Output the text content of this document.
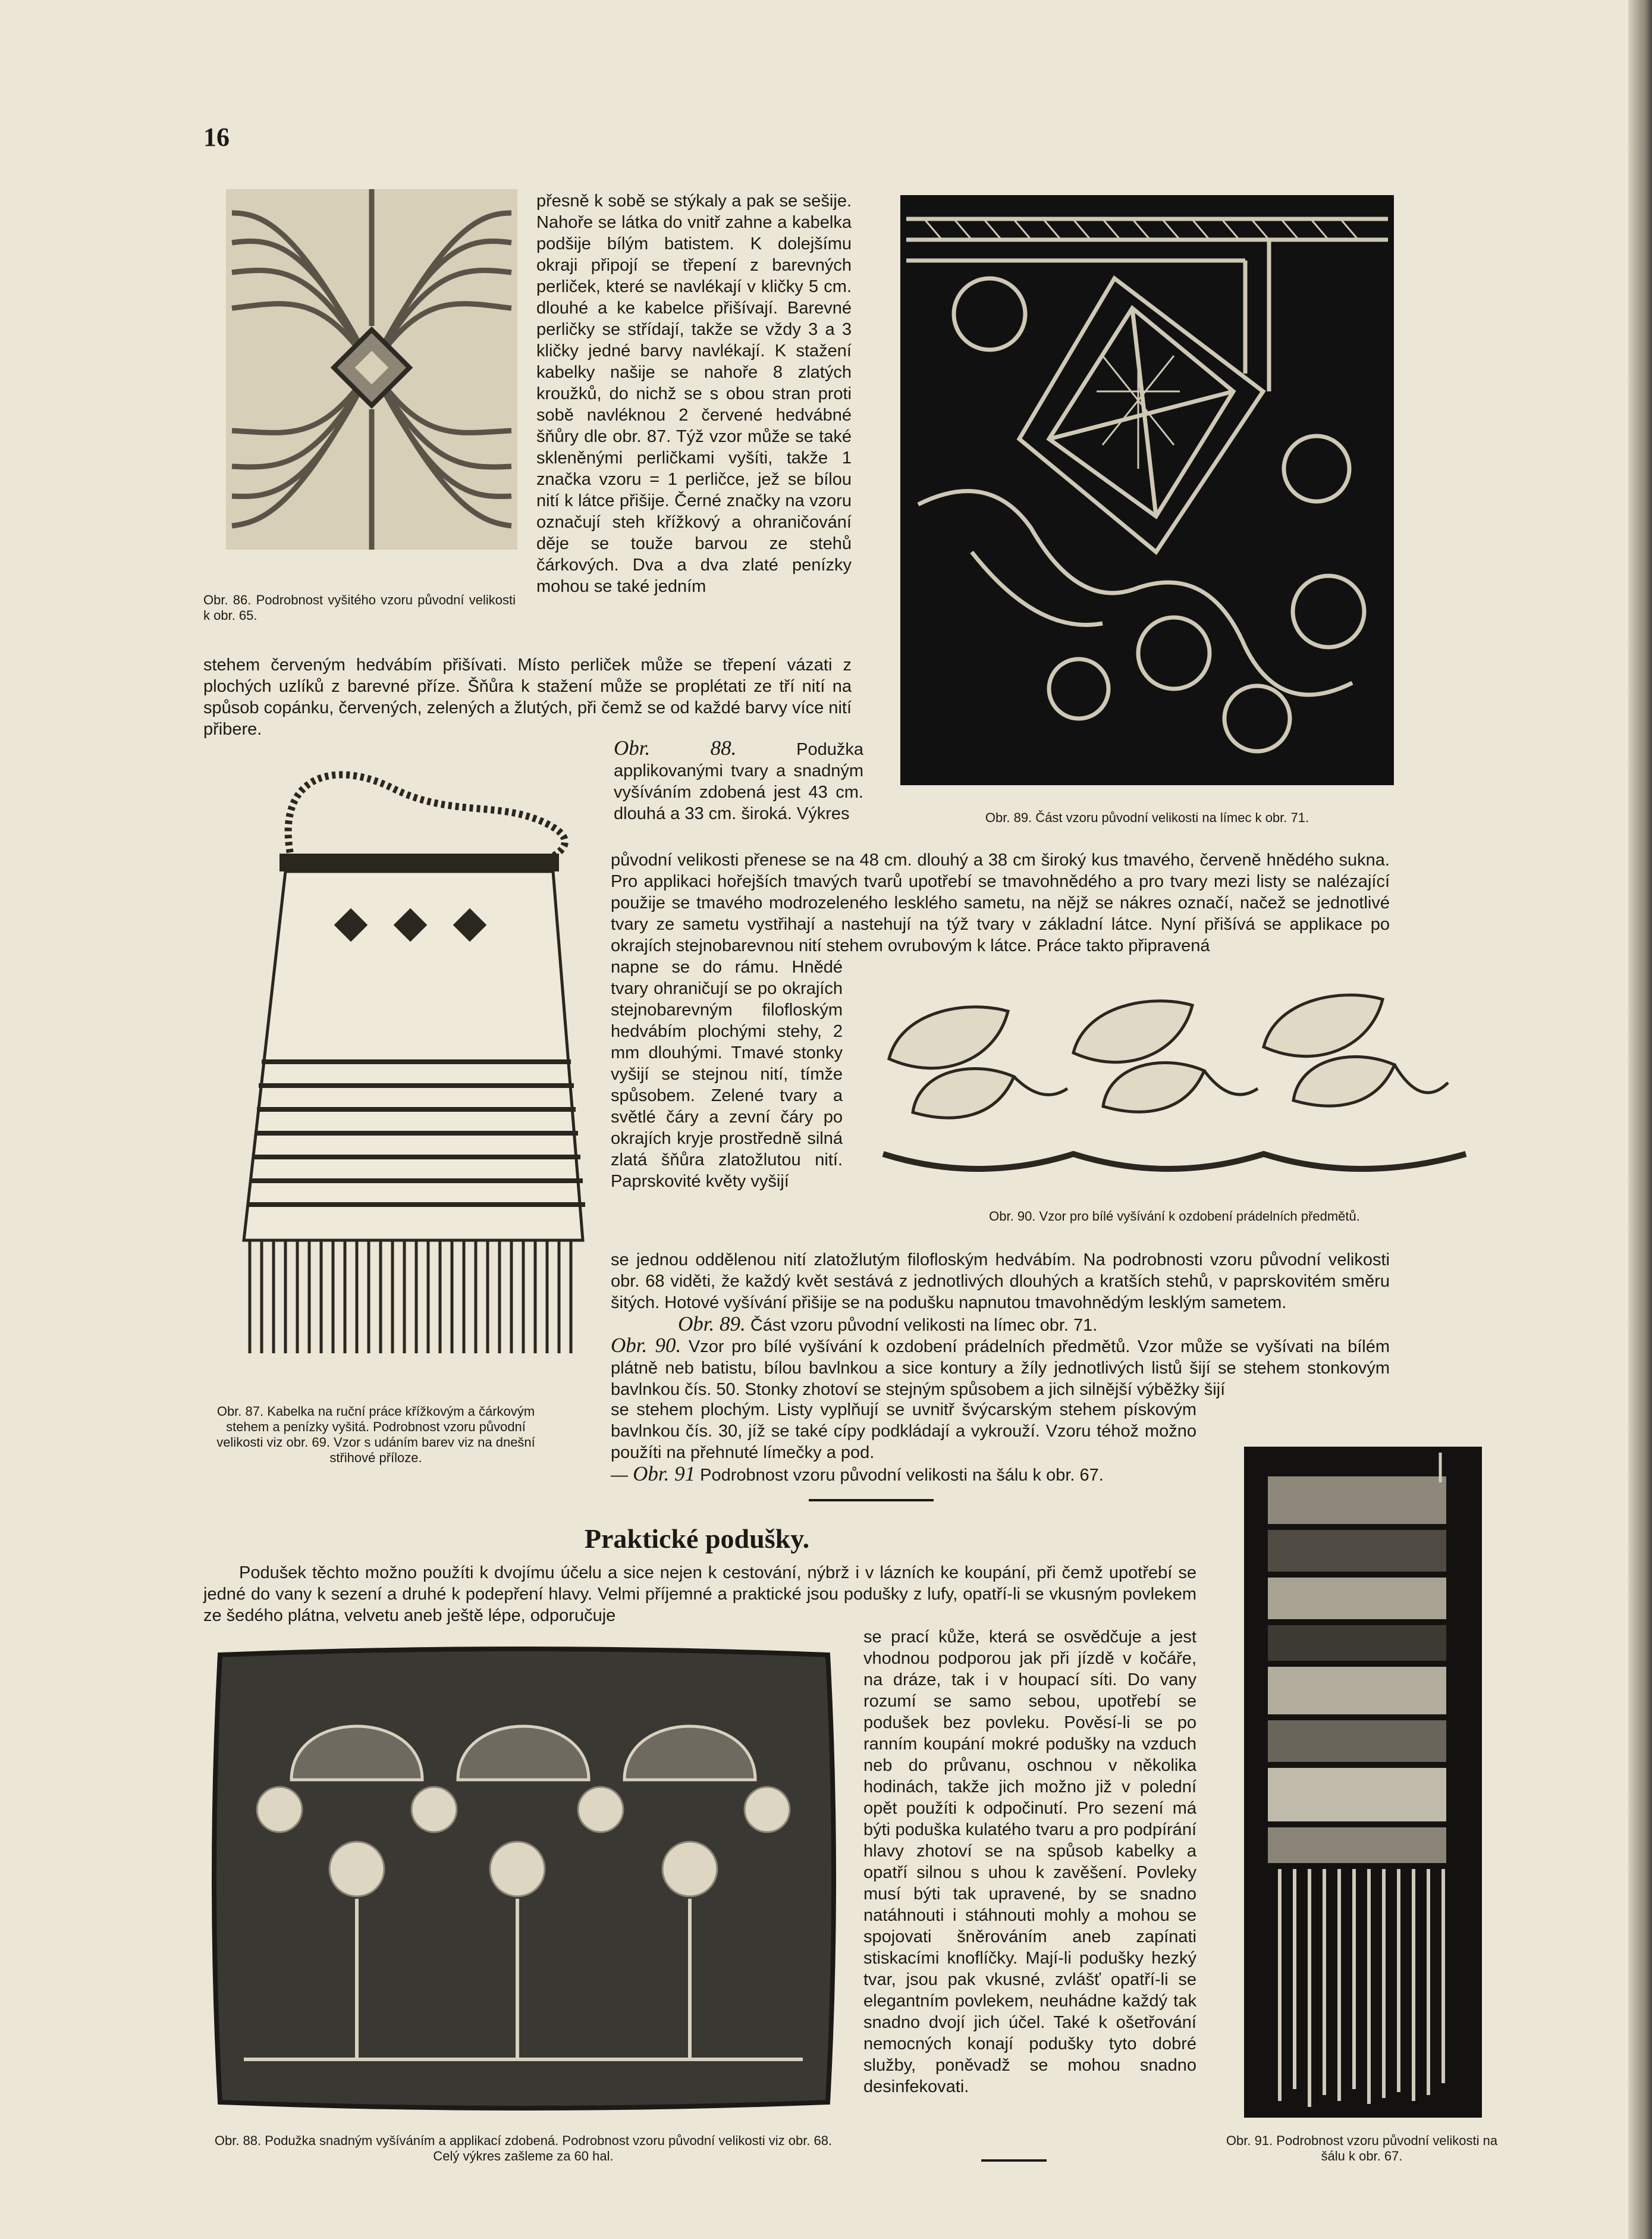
16
Obr. 86. Podrobnost vyšitého vzoru původní velikosti k obr. 65.
přesně k sobě se stýkaly a pak se sešije. Nahoře se látka do vnitř zahne a kabelka podšije bílým batistem. K dolejšímu okraji připojí se třepení z barevných perliček, které se navlékají v kličky 5 cm. dlouhé a ke kabelce přišívají. Barevné perličky se střídají, takže se vždy 3 a 3 kličky jedné barvy navlékají. K stažení kabelky našije se nahoře 8 zlatých kroužků, do nichž se s obou stran proti sobě navléknou 2 červené hedvábné šňůry dle obr. 87. Týž vzor může se také skleněnými perličkami vyšíti, takže 1 značka vzoru = 1 perličce, jež se bílou nití k látce přišije. Černé značky na vzoru označují steh křížkový a ohraničování děje se touže barvou ze stehů čárkových. Dva a dva zlaté penízky mohou se také jedním
stehem červeným hedvábím přišívati. Místo perliček může se třepení vázati z plochých uzlíků z barevné příze. Šňůra k stažení může se proplétati ze tří nití na spůsob copánku, červených, zelených a žlutých, při čemž se od každé barvy více nití přibere.
Obr. 89. Část vzoru původní velikosti na límec k obr. 71.
Obr. 87. Kabelka na ruční práce křížkovým a čárkovým stehem a penízky vyšitá. Podrobnost vzoru původní velikosti viz obr. 69. Vzor s udáním barev viz na dnešní střihové příloze.
Obr. 88.	Podužka applikovanými tvary a snadným vyšíváním zdobená jest 43 cm. dlouhá a 33 cm. široká. Výkres
původní velikosti přenese se na 48 cm. dlouhý a 38 cm široký kus tmavého, červeně hnědého sukna. Pro applikaci hořejších tmavých tvarů upotřebí se tmavohnědého a pro tvary mezi listy se nalézající použije se tmavého modrozeleného lesklého sametu, na nějž se nákres označí, načež se jednotlivé tvary ze sametu vystřihají a nastehují na týž tvary v základní látce. Nyní přišívá se applikace po okrajích stejnobarevnou nití stehem ovrubovým k látce. Práce takto připravená
napne se do rámu. Hnědé tvary ohraničují se po okrajích stejnobarevným filofloským hedvábím plochými stehy, 2 mm dlouhými. Tmavé stonky vyšijí se stejnou nití, tímže spůsobem. Zelené tvary a světlé čáry a zevní čáry po okrajích kryje prostředně silná zlatá šňůra zlatožlutou nití. Paprskovité květy vyšijí
se jednou oddělenou nití zlatožlutým filofloským hedvábím. Na podrobnosti vzoru původní velikosti obr. 68 viděti, že každý květ sestává z jednotlivých dlouhých a kratších stehů, v paprskovitém směru šitých. Hotové vyšívání přišije se na podušku napnutou tmavohnědým lesklým sametem.
Obr. 90. Vzor pro bílé vyšívání k ozdobení prádelních předmětů.
Obr. 89. Část vzoru původní velikosti na límec obr. 71.
Obr. 90. Vzor pro bílé vyšívání k ozdobení prádelních předmětů. Vzor může se vyšívati na bílém plátně neb batistu, bílou bavlnkou a sice kontury a žíly jednotlivých listů šijí se stehem stonkovým bavlnkou čís. 50. Stonky zhotoví se stejným spůsobem a jich silnější výběžky šijí
se stehem plochým. Listy vyplňují se uvnitř švýcarským stehem pískovým bavlnkou čís. 30, jíž se také cípy podkládají a vykrouží. Vzoru téhož možno použíti na přehnuté límečky a pod.
— Obr. 91 Podrobnost vzoru původní velikosti na šálu k obr. 67.
Praktické podušky.
Podušek těchto možno použíti k dvojímu účelu a sice nejen k cestování, nýbrž i v lázních ke koupání, při čemž upotřebí se jedné do vany k sezení a druhé k podepření hlavy. Velmi příjemné a praktické jsou podušky z lufy, opatří-li se vkusným povlekem ze šedého plátna, velvetu aneb ještě lépe, odporučuje
se prací kůže, která se osvědčuje a jest vhodnou podporou jak při jízdě v kočáře, na dráze, tak i v houpací síti. Do vany rozumí se samo sebou, upotřebí se podušek bez povleku. Pověsí-li se po ranním koupání mokré podušky na vzduch neb do průvanu, oschnou v několika hodinách, takže jich možno již v polední opět použíti k odpočinutí. Pro sezení má býti poduška kulatého tvaru a pro podpírání hlavy zhotoví se na spůsob kabelky a opatří silnou s uhou k zavěšení. Povleky musí býti tak upravené, by se snadno natáhnouti i stáhnouti mohly a mohou se spojovati šněrováním aneb zapínati stiskacími knoflíčky. Mají-li podušky hezký tvar, jsou pak vkusné, zvlášť opatří-li se elegantním povlekem, neuhádne každý tak snadno dvojí jich účel. Také k ošetřování nemocných konají podušky tyto dobré služby, poněvadž se mohou snadno desinfekovati.
Obr. 88. Podužka snadným vyšíváním a applikací zdobená. Podrobnost vzoru původní velikosti viz obr. 68. Celý výkres zašleme za 60 hal.
Obr. 91. Podrobnost vzoru původní velikosti na šálu k obr. 67.
